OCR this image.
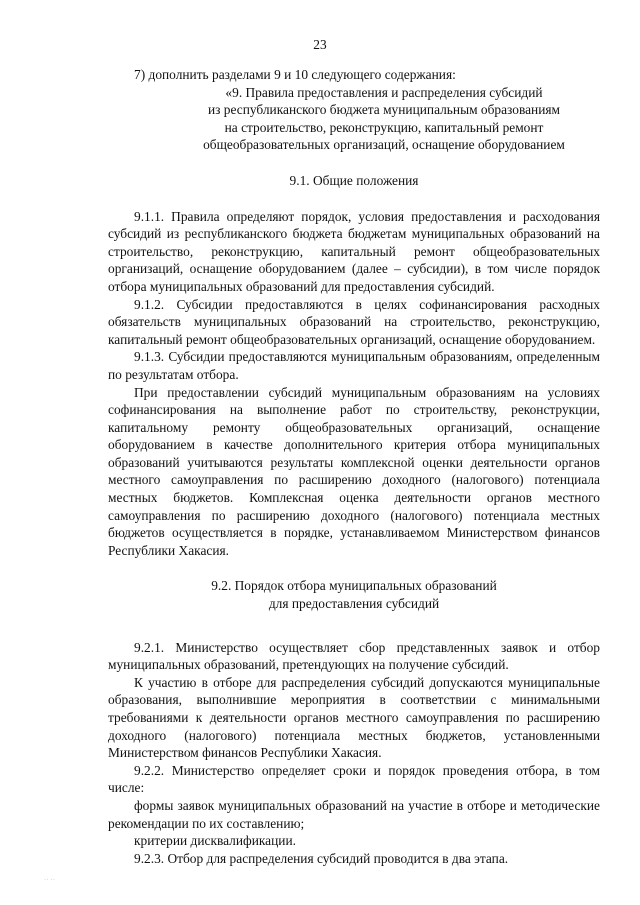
23

7) дополнить разделами 9 и 10 следующего содержания:

«9. Правила предоставления и распределения субсидий
из республиканского бюджета муниципальным образованиям
на строительство, реконструкцию, капитальный ремонт
общеобразовательных организаций, оснащение оборудованием

9.1. Общие положения

9.1.1. Правила определяют порядок, условия предоставления и расходования субсидий из республиканского бюджета бюджетам муниципальных образований на строительство, реконструкцию, капитальный ремонт общеобразовательных организаций, оснащение оборудованием (далее – субсидии), в том числе порядок отбора муниципальных образований для предоставления субсидий.

9.1.2. Субсидии предоставляются в целях софинансирования расходных обязательств муниципальных образований на строительство, реконструкцию, капитальный ремонт общеобразовательных организаций, оснащение оборудованием.

9.1.3. Субсидии предоставляются муниципальным образованиям, определенным по результатам отбора.

При предоставлении субсидий муниципальным образованиям на условиях софинансирования на выполнение работ по строительству, реконструкции, капитальному ремонту общеобразовательных организаций, оснащение оборудованием в качестве дополнительного критерия отбора муниципальных образований учитываются результаты комплексной оценки деятельности органов местного самоуправления по расширению доходного (налогового) потенциала местных бюджетов. Комплексная оценка деятельности органов местного самоуправления по расширению доходного (налогового) потенциала местных бюджетов осуществляется в порядке, устанавливаемом Министерством финансов Республики Хакасия.

9.2. Порядок отбора муниципальных образований
для предоставления субсидий

9.2.1. Министерство осуществляет сбор представленных заявок и отбор муниципальных образований, претендующих на получение субсидий.

К участию в отборе для распределения субсидий допускаются муниципальные образования, выполнившие мероприятия в соответствии с минимальными требованиями к деятельности органов местного самоуправления по расширению доходного (налогового) потенциала местных бюджетов, установленными Министерством финансов Республики Хакасия.

9.2.2. Министерство определяет сроки и порядок проведения отбора, в том числе:

формы заявок муниципальных образований на участие в отборе и методические рекомендации по их составлению;

критерии дисквалификации.

9.2.3. Отбор для распределения субсидий проводится в два этапа.

·· ··
